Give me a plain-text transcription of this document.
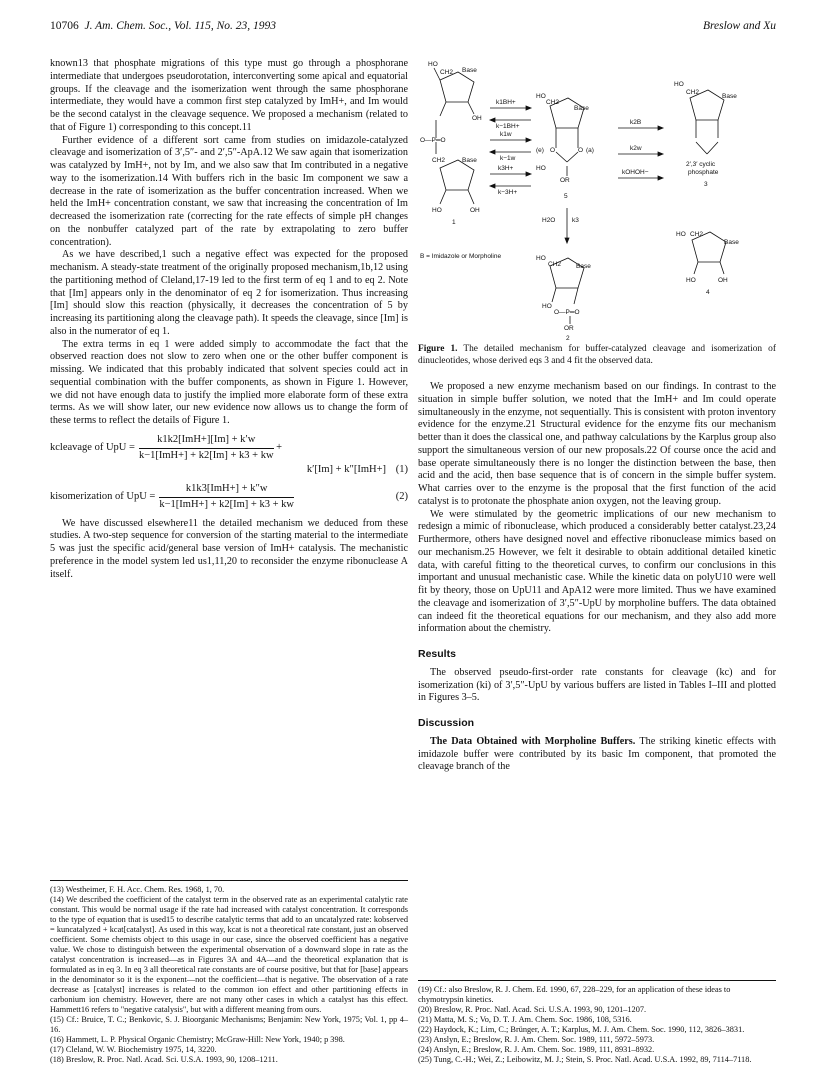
10706 J. Am. Chem. Soc., Vol. 115, No. 23, 1993	Breslow and Xu

known13 that phosphate migrations of this type must go through a phosphorane intermediate that undergoes pseudorotation, interconverting some apical and equatorial groups. If the cleavage and the isomerization went through the same phosphorane intermediate, they would have a common first step catalyzed by ImH+, and Im would be the second catalyst in the cleavage sequence. We proposed a mechanism (related to that of Figure 1) corresponding to this concept.11

Further evidence of a different sort came from studies on imidazole-catalyzed cleavage and isomerization of 3′,5″- and 2′,5″-ApA.12 We saw again that isomerization was catalyzed by ImH+, not by Im, and we also saw that Im contributed in a negative way to the isomerization.14 With buffers rich in the basic Im component we saw a decrease in the rate of isomerization as the buffer concentration increased. When we held the ImH+ concentration constant, we saw that increasing the concentration of Im decreased the isomerization rate (correcting for the rate effects of simple pH changes on the nonbuffer catalyzed part of the rate by extrapolating to zero buffer concentration).

As we have described,1 such a negative effect was expected for the proposed mechanism. A steady-state treatment of the originally proposed mechanism,1b,12 using the partitioning method of Cleland,17-19 led to the first term of eq 1 and to eq 2. Note that [Im] appears only in the denominator of eq 2 for isomerization. Thus increasing [Im] should slow this reaction (physically, it decreases the concentration of 5 by increasing its partitioning along the cleavage path). It speeds the cleavage, since [Im] is also in the numerator of eq 1.

The extra terms in eq 1 were added simply to accommodate the fact that the observed reaction does not slow to zero when one or the other buffer component is missing. We indicated that this probably indicated that solvent species could act in sequential combination with the buffer components, as shown in Figure 1. However, we did not have enough data to justify the implied more elaborate form of these extra terms. As we will show later, our new evidence now allows us to change the form of these terms to reflect the details of Figure 1.

kcleavage of UpU = $\frac{\text{k1k2[ImH+][Im] + k′w}}{\text{k−1[ImH+] + k2[Im] + k3 + kw}}$ +
k′[Im] + k″[ImH+] (1)
kisomerization of UpU = $\frac{\text{k1k3[ImH+] + k″w}}{\text{k−1[ImH+] + k2[Im] + k3 + kw}}$	(2)

We have discussed elsewhere11 the detailed mechanism we deduced from these studies. A two-step sequence for conversion of the starting material to the intermediate 5 was just the specific acid/general base version of ImH+ catalysis. The mechanistic preference in the model system led us1,11,20 to reconsider the enzyme ribonuclease A itself.

(13) Westheimer, F. H. Acc. Chem. Res. 1968, 1, 70.
(14) We described the coefficient of the catalyst term in the observed rate as an experimental catalytic rate constant. This would be normal usage if the rate had increased with catalyst concentration. It corresponds to the type of equation that is used15 to describe catalytic terms that add to an uncatalyzed rate: kobserved = kuncatalyzed + kcat[catalyst]. As used in this way, kcat is not a theoretical rate constant, just an observed coefficient. Some chemists object to this usage in our case, since the observed coefficient has a negative value. We chose to distinguish between the experimental observation of a downward slope in rate as the catalyst concentration is increased—as in Figures 3A and 4A—and the theoretical explanation that is formulated as in eq 3. In eq 3 all theoretical rate constants are of course positive, but that for [base] appears in the denominator so it is the exponent—not the coefficient—that is negative. The observation of a rate decrease as [catalyst] increases is related to the common ion effect and other partitioning effects in carbonium ion chemistry. However, there are not many other cases in which a catalyst has this effect. Hammett16 refers to "negative catalysis", but with a different meaning from ours.
(15) Cf.: Bruice, T. C.; Benkovic, S. J. Bioorganic Mechanisms; Benjamin: New York, 1975; Vol. 1, pp 4–16.
(16) Hammett, L. P. Physical Organic Chemistry; McGraw-Hill: New York, 1940; p 398.
(17) Cleland, W. W. Biochemistry 1975, 14, 3220.
(18) Breslow, R. Proc. Natl. Acad. Sci. U.S.A. 1993, 90, 1208–1211.
HO
CH2 Base
OH
O—P═O
CH2	Base
HO	OH
1
k1BH+
k−1BH+
k1w
k−1w
k3H+
k−3H+
HO
CH2
Base
(e) O	O (a)
HO
OR
5
k2B
k2w
kOHOH−
HO
CH2
Base
2′,3′ cyclic
phosphate
3
H2O	k3
B = Imidazole or Morpholine	HO
CH2 Base
HO
O—P═O
OR
2
HO CH2
Base
HO	OH
4
Figure 1. The detailed mechanism for buffer-catalyzed cleavage and isomerization of dinucleotides, whose derived eqs 3 and 4 fit the observed data.

We proposed a new enzyme mechanism based on our findings. In contrast to the situation in simple buffer solution, we noted that the ImH+ and Im could operate simultaneously in the enzyme, not sequentially. This is consistent with proton inventory evidence for the enzyme.21 Structural evidence for the enzyme fits our mechanism better than it does the classical one, and pathway calculations by the Karplus group also support the simultaneous version of our new proposals.22 Of course once the acid and base operate simultaneously there is no longer the distinction between the base, then acid and the acid, then base sequence that is of concern in the simple buffer system. What carries over to the enzyme is the proposal that the first function of the acid catalyst is to protonate the phosphate anion oxygen, not the leaving group.

We were stimulated by the geometric implications of our new mechanism to redesign a mimic of ribonuclease, which produced a considerably better catalyst.23,24 Furthermore, others have designed novel and effective ribonuclease mimics based on our mechanism.25 However, we felt it desirable to obtain additional detailed kinetic data, with careful fitting to the theoretical curves, to confirm our conclusions in this important and unusual mechanistic case. While the kinetic data on polyU10 were well fit by theory, those on UpU11 and ApA12 were more limited. Thus we have examined the cleavage and isomerization of 3′,5″-UpU by morpholine buffers. The data obtained can indeed fit the theoretical equations for our mechanism, and they also add more information about the chemistry.

Results

The observed pseudo-first-order rate constants for cleavage (kc) and for isomerization (ki) of 3′,5″-UpU by various buffers are listed in Tables I–III and plotted in Figures 3–5.

Discussion

The Data Obtained with Morpholine Buffers. The striking kinetic effects with imidazole buffer were contributed by its basic Im component, that promoted the cleavage branch of the

(19) Cf.: also Breslow, R. J. Chem. Ed. 1990, 67, 228–229, for an application of these ideas to chymotrypsin kinetics.
(20) Breslow, R. Proc. Natl. Acad. Sci. U.S.A. 1993, 90, 1201–1207.
(21) Matta, M. S.; Vo, D. T. J. Am. Chem. Soc. 1986, 108, 5316.
(22) Haydock, K.; Lim, C.; Brünger, A. T.; Karplus, M. J. Am. Chem. Soc. 1990, 112, 3826–3831.
(23) Anslyn, E.; Breslow, R. J. Am. Chem. Soc. 1989, 111, 5972–5973.
(24) Anslyn, E.; Breslow, R. J. Am. Chem. Soc. 1989, 111, 8931–8932.
(25) Tung, C.-H.; Wei, Z.; Leibowitz, M. J.; Stein, S. Proc. Natl. Acad. U.S.A. 1992, 89, 7114–7118.
